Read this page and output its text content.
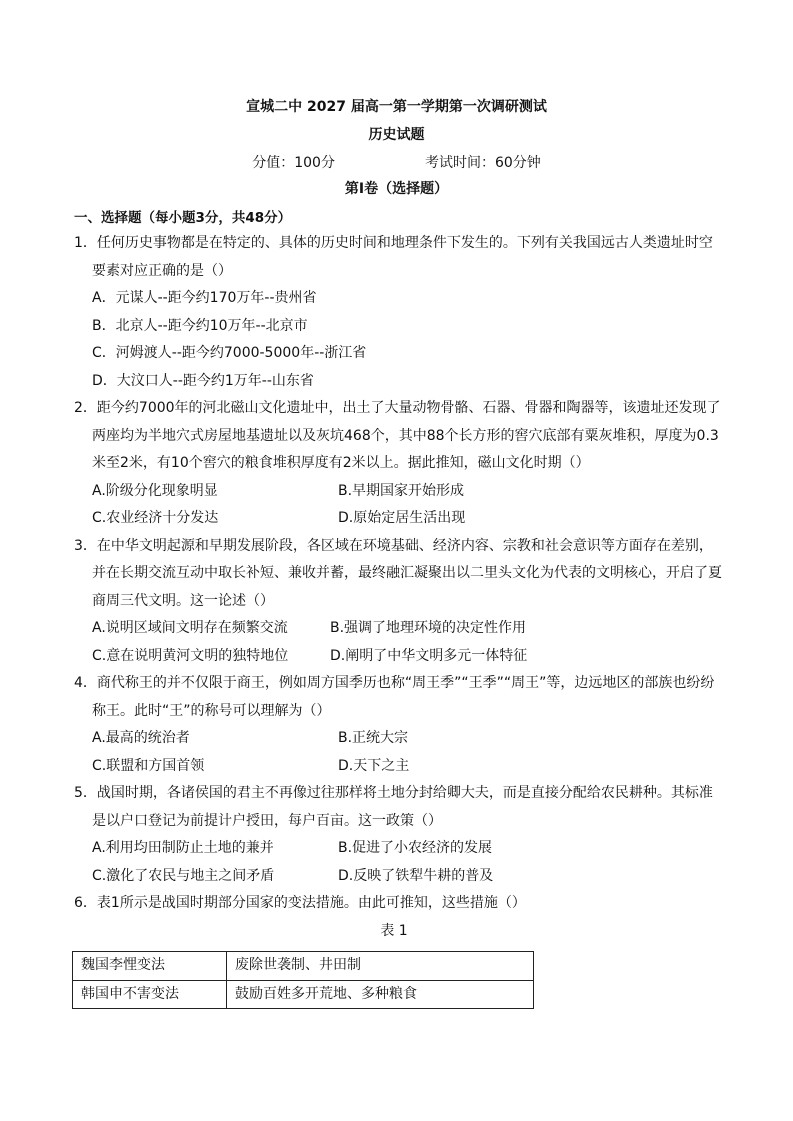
宣城二中 2027 届高一第一学期第一次调研测试
历史试题
分值：100分	考试时间：60分钟
第Ⅰ卷（选择题）
一、选择题（每小题3分，共48分）
1．任何历史事物都是在特定的、具体的历史时间和地理条件下发生的。下列有关我国远古人类遗址时空要素对应正确的是（）
A．元谋人--距今约170万年--贵州省
B．北京人--距今约10万年--北京市
C．河姆渡人--距今约7000-5000年--浙江省
D．大汶口人--距今约1万年--山东省
2．距今约7000年的河北磁山文化遗址中，出土了大量动物骨骼、石器、骨器和陶器等，该遗址还发现了两座均为半地穴式房屋地基遗址以及灰坑468个，其中88个长方形的窖穴底部有粟灰堆积，厚度为0.3米至2米，有10个窖穴的粮食堆积厚度有2米以上。据此推知，磁山文化时期（）
A.阶级分化现象明显	B.早期国家开始形成
C.农业经济十分发达	D.原始定居生活出现
3．在中华文明起源和早期发展阶段，各区域在环境基础、经济内容、宗教和社会意识等方面存在差别，并在长期交流互动中取长补短、兼收并蓄，最终融汇凝聚出以二里头文化为代表的文明核心，开启了夏商周三代文明。这一论述（）
A.说明区域间文明存在频繁交流	B.强调了地理环境的决定性作用
C.意在说明黄河文明的独特地位	D.阐明了中华文明多元一体特征
4．商代称王的并不仅限于商王，例如周方国季历也称“周王季”“王季”“周王”等，边远地区的部族也纷纷称王。此时“王”的称号可以理解为（）
A.最高的统治者	B.正统大宗
C.联盟和方国首领	D.天下之主
5．战国时期，各诸侯国的君主不再像过往那样将土地分封给卿大夫，而是直接分配给农民耕种。其标准是以户口登记为前提计户授田，每户百亩。这一政策（）
A.利用均田制防止土地的兼并	B.促进了小农经济的发展
C.激化了农民与地主之间矛盾	D.反映了铁犁牛耕的普及
6．表1所示是战国时期部分国家的变法措施。由此可推知，这些措施（）
表 1
魏国李悝变法	废除世袭制、井田制
韩国申不害变法	鼓励百姓多开荒地、多种粮食
